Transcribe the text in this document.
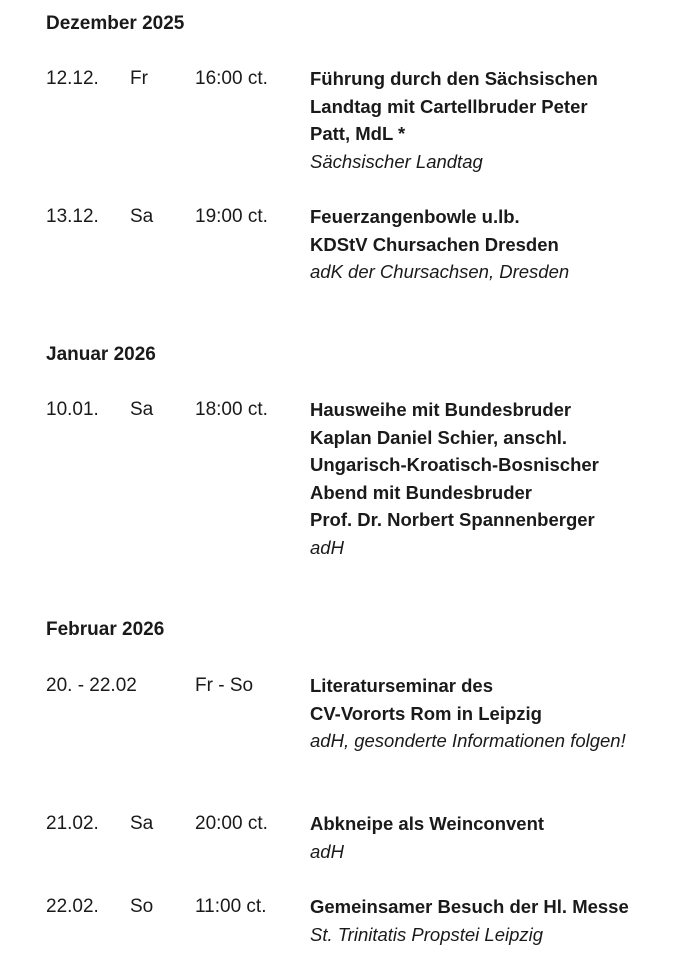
Dezember 2025
12.12. Fr 16:00 ct. Führung durch den Sächsischen
Landtag mit Cartellbruder Peter
Patt, MdL *
Sächsischer Landtag
13.12. Sa 19:00 ct. Feuerzangenbowle u.lb.
KDStV Chursachen Dresden
adK der Chursachsen, Dresden
Januar 2026
10.01. Sa 18:00 ct. Hausweihe mit Bundesbruder
Kaplan Daniel Schier, anschl.
Ungarisch-Kroatisch-Bosnischer
Abend mit Bundesbruder
Prof. Dr. Norbert Spannenberger
adH
Februar 2026
20. - 22.02	Fr - So	Literaturseminar des
CV-Vororts Rom in Leipzig
adH, gesonderte Informationen folgen!
21.02. Sa 20:00 ct. Abkneipe als Weinconvent
adH
22.02. So 11:00 ct. Gemeinsamer Besuch der Hl. Messe
St. Trinitatis Propstei Leipzig
